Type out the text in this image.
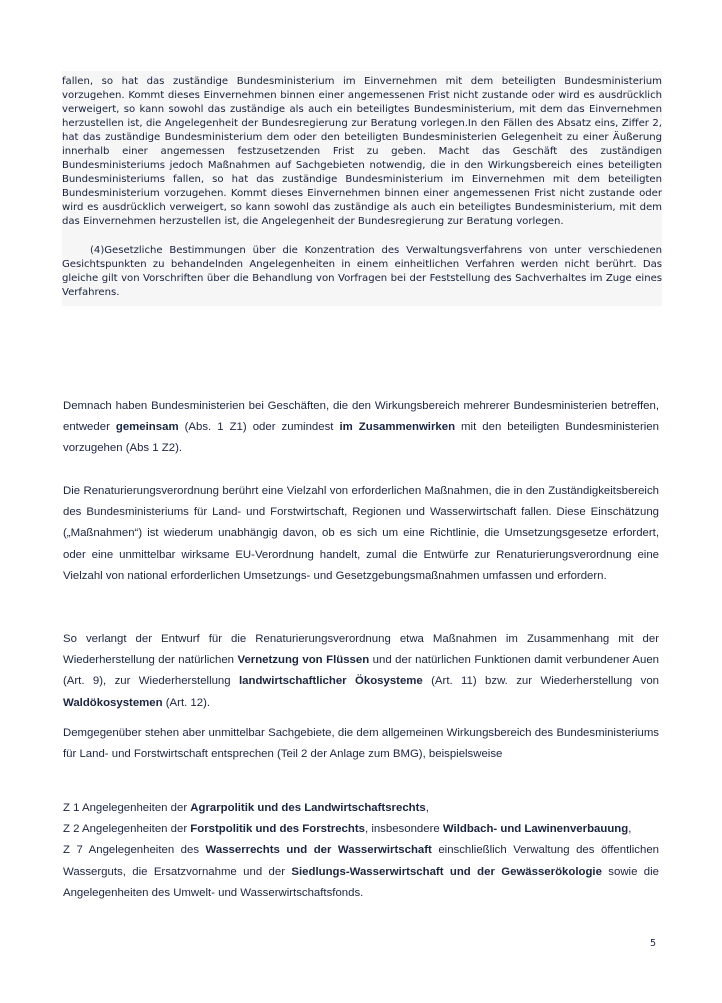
fallen, so hat das zuständige Bundesministerium im Einvernehmen mit dem beteiligten Bundesministerium vorzugehen. Kommt dieses Einvernehmen binnen einer angemessenen Frist nicht zustande oder wird es ausdrücklich verweigert, so kann sowohl das zuständige als auch ein beteiligtes Bundesministerium, mit dem das Einvernehmen herzustellen ist, die Angelegenheit der Bundesregierung zur Beratung vorlegen.In den Fällen des Absatz eins, Ziffer 2, hat das zuständige Bundesministerium dem oder den beteiligten Bundesministerien Gelegenheit zu einer Äußerung innerhalb einer angemessen festzusetzenden Frist zu geben. Macht das Geschäft des zuständigen Bundesministeriums jedoch Maßnahmen auf Sachgebieten notwendig, die in den Wirkungsbereich eines beteiligten Bundesministeriums fallen, so hat das zuständige Bundesministerium im Einvernehmen mit dem beteiligten Bundesministerium vorzugehen. Kommt dieses Einvernehmen binnen einer angemessenen Frist nicht zustande oder wird es ausdrücklich verweigert, so kann sowohl das zuständige als auch ein beteiligtes Bundesministerium, mit dem das Einvernehmen herzustellen ist, die Angelegenheit der Bundesregierung zur Beratung vorlegen.

(4)Gesetzliche Bestimmungen über die Konzentration des Verwaltungsverfahrens von unter verschiedenen Gesichtspunkten zu behandelnden Angelegenheiten in einem einheitlichen Verfahren werden nicht berührt. Das gleiche gilt von Vorschriften über die Behandlung von Vorfragen bei der Feststellung des Sachverhaltes im Zuge eines Verfahrens.

Demnach haben Bundesministerien bei Geschäften, die den Wirkungsbereich mehrerer Bundesministerien betreffen, entweder gemeinsam (Abs. 1 Z1) oder zumindest im Zusammenwirken mit den beteiligten Bundesministerien vorzugehen (Abs 1 Z2).

Die Renaturierungsverordnung berührt eine Vielzahl von erforderlichen Maßnahmen, die in den Zuständigkeitsbereich des Bundesministeriums für Land- und Forstwirtschaft, Regionen und Wasserwirtschaft fallen. Diese Einschätzung („Maßnahmen“) ist wiederum unabhängig davon, ob es sich um eine Richtlinie, die Umsetzungsgesetze erfordert, oder eine unmittelbar wirksame EU-Verordnung handelt, zumal die Entwürfe zur Renaturierungsverordnung eine Vielzahl von national erforderlichen Umsetzungs- und Gesetzgebungsmaßnahmen umfassen und erfordern.

So verlangt der Entwurf für die Renaturierungsverordnung etwa Maßnahmen im Zusammenhang mit der Wiederherstellung der natürlichen Vernetzung von Flüssen und der natürlichen Funktionen damit verbundener Auen (Art. 9), zur Wiederherstellung landwirtschaftlicher Ökosysteme (Art. 11) bzw. zur Wiederherstellung von Waldökosystemen (Art. 12).

Demgegenüber stehen aber unmittelbar Sachgebiete, die dem allgemeinen Wirkungsbereich des Bundesministeriums für Land- und Forstwirtschaft entsprechen (Teil 2 der Anlage zum BMG), beispielsweise

Z 1 Angelegenheiten der Agrarpolitik und des Landwirtschaftsrechts,

Z 2 Angelegenheiten der Forstpolitik und des Forstrechts, insbesondere Wildbach- und Lawinenverbauung,

Z 7 Angelegenheiten des Wasserrechts und der Wasserwirtschaft einschließlich Verwaltung des öffentlichen Wasserguts, die Ersatzvornahme und der Siedlungs-Wasserwirtschaft und der Gewässerökologie sowie die Angelegenheiten des Umwelt- und Wasserwirtschaftsfonds.

5
